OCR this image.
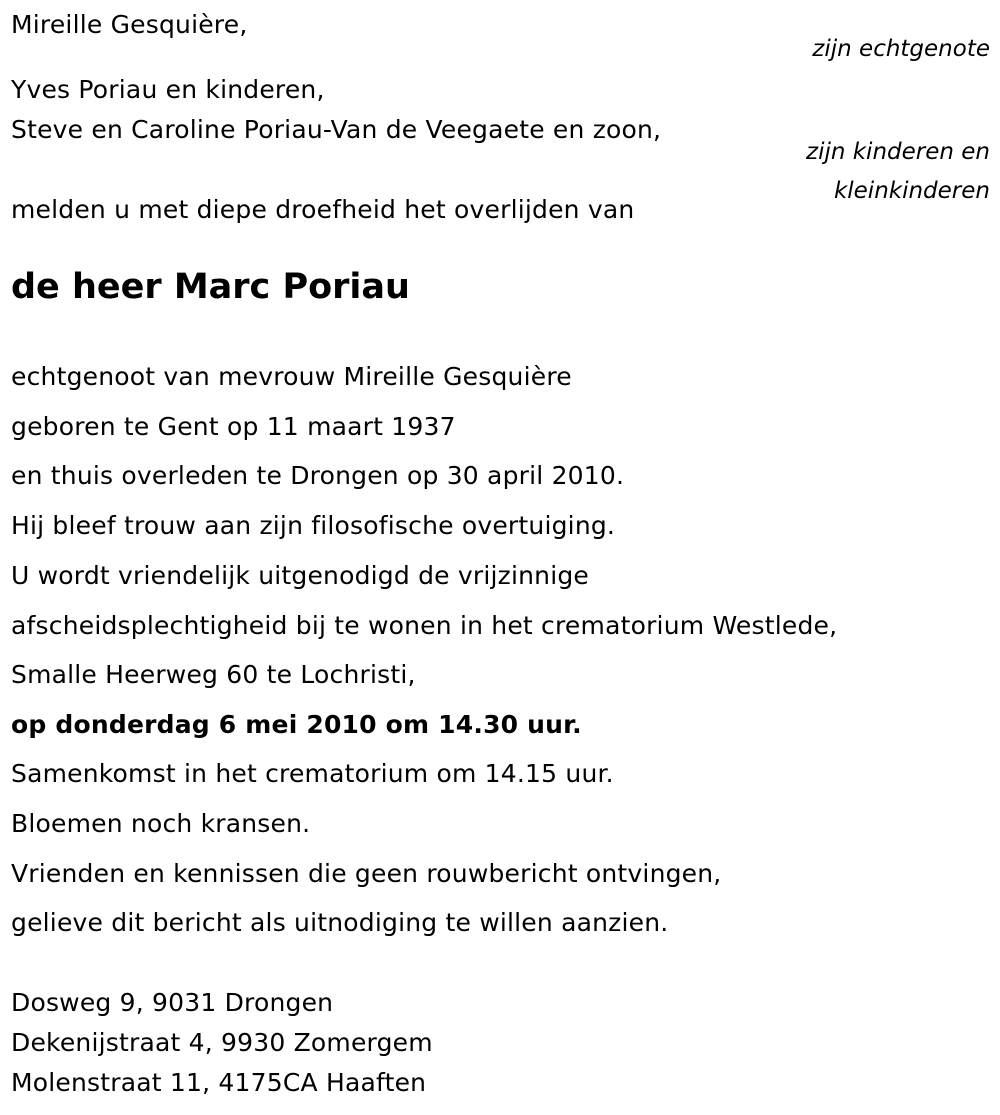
Mireille Gesquière,
zijn echtgenote
Yves Poriau en kinderen,
Steve en Caroline Poriau-Van de Veegaete en zoon,
zijn kinderen en
kleinkinderen
melden u met diepe droefheid het overlijden van
de heer Marc Poriau
echtgenoot van mevrouw Mireille Gesquière
geboren te Gent op 11 maart 1937
en thuis overleden te Drongen op 30 april 2010.
Hij bleef trouw aan zijn filosofische overtuiging.
U wordt vriendelijk uitgenodigd de vrijzinnige
afscheidsplechtigheid bij te wonen in het crematorium Westlede,
Smalle Heerweg 60 te Lochristi,
op donderdag 6 mei 2010 om 14.30 uur.
Samenkomst in het crematorium om 14.15 uur.
Bloemen noch kransen.
Vrienden en kennissen die geen rouwbericht ontvingen,
gelieve dit bericht als uitnodiging te willen aanzien.
Dosweg 9, 9031 Drongen
Dekenijstraat 4, 9930 Zomergem
Molenstraat 11, 4175CA Haaften
